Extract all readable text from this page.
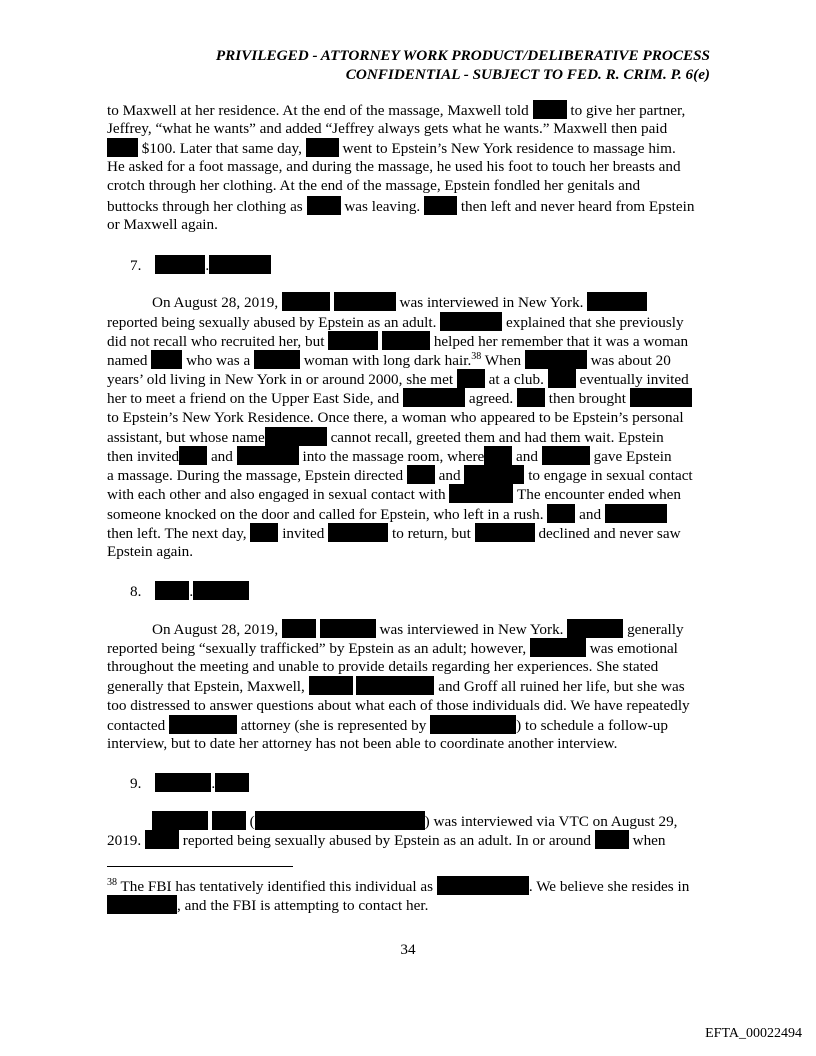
PRIVILEGED - ATTORNEY WORK PRODUCT/DELIBERATIVE PROCESS
CONFIDENTIAL - SUBJECT TO FED. R. CRIM. P. 6(e)
to Maxwell at her residence. At the end of the massage, Maxwell told  to give her partner,
Jeffrey, “what he wants” and added “Jeffrey always gets what he wants.” Maxwell then paid
$100. Later that same day,  went to Epstein’s New York residence to massage him.
He asked for a foot massage, and during the massage, he used his foot to touch her breasts and
crotch through her clothing. At the end of the massage, Epstein fondled her genitals and
buttocks through her clothing as  was leaving.  then left and never heard from Epstein
or Maxwell again.
7.	.
On August 28, 2019,	was interviewed in New York.
reported being sexually abused by Epstein as an adult.	explained that she previously
did not recall who recruited her, but	helped her remember that it was a woman
named  who was a	woman with long dark hair.$^{38}$ When	was about 20
years’ old living in New York in or around 2000, she met  at a club.  eventually invited
her to meet a friend on the Upper East Side, and	agreed.  then brought
to Epstein’s New York Residence. Once there, a woman who appeared to be Epstein’s personal
assistant, but whose name	cannot recall, greeted them and had them wait. Epstein
then invited and	into the massage room, where and	gave Epstein
a massage. During the massage, Epstein directed  and	to engage in sexual contact
with each other and also engaged in sexual contact with	The encounter ended when
someone knocked on the door and called for Epstein, who left in a rush.  and
then left. The next day,  invited	to return, but	declined and never saw
Epstein again.
8.	.
On August 28, 2019,	was interviewed in New York.	generally
reported being “sexually trafficked” by Epstein as an adult; however,	was emotional
throughout the meeting and unable to provide details regarding her experiences. She stated
generally that Epstein, Maxwell,	and Groff all ruined her life, but she was
too distressed to answer questions about what each of those individuals did. We have repeatedly
contacted	attorney (she is represented by	) to schedule a follow-up
interview, but to date her attorney has not been able to coordinate another interview.
9.	.
(	) was interviewed via VTC on August 29,
2019.  reported being sexually abused by Epstein as an adult. In or around  when
$^{38}$ The FBI has tentatively identified this individual as	. We believe she resides in
, and the FBI is attempting to contact her.
34
EFTA_00022494
